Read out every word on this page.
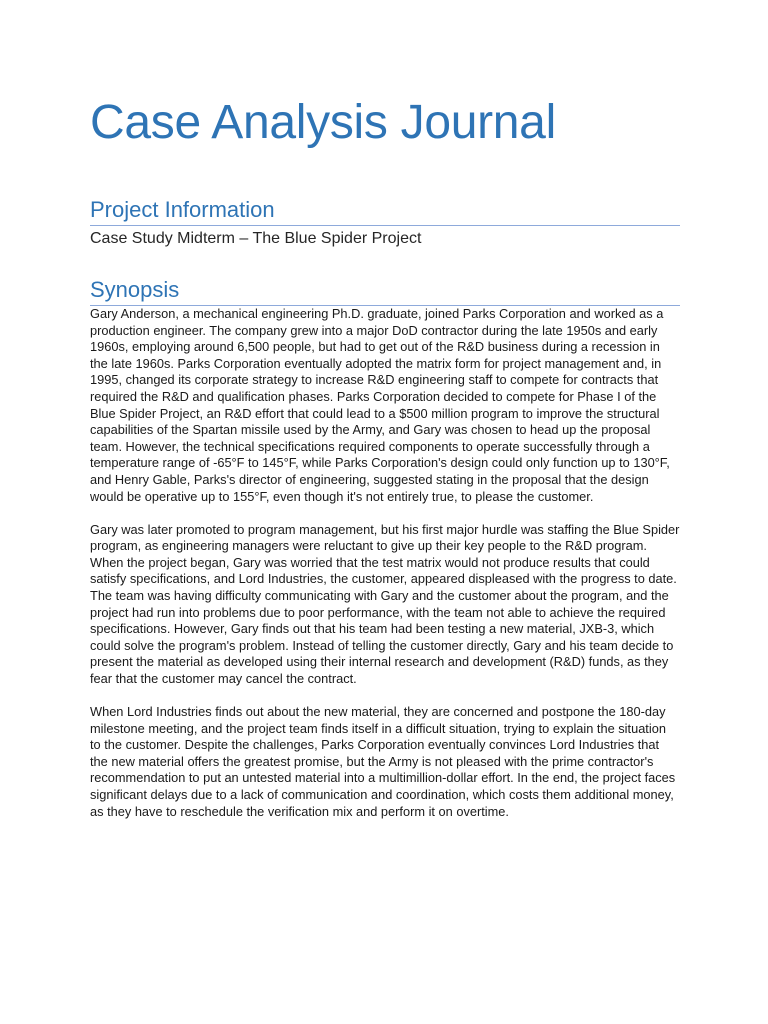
Case Analysis Journal
Project Information

Case Study Midterm – The Blue Spider Project

Synopsis

Gary Anderson, a mechanical engineering Ph.D. graduate, joined Parks Corporation and worked as a production engineer. The company grew into a major DoD contractor during the late 1950s and early 1960s, employing around 6,500 people, but had to get out of the R&D business during a recession in the late 1960s. Parks Corporation eventually adopted the matrix form for project management and, in 1995, changed its corporate strategy to increase R&D engineering staff to compete for contracts that required the R&D and qualification phases. Parks Corporation decided to compete for Phase I of the Blue Spider Project, an R&D effort that could lead to a $500 million program to improve the structural capabilities of the Spartan missile used by the Army, and Gary was chosen to head up the proposal team. However, the technical specifications required components to operate successfully through a temperature range of -65°F to 145°F, while Parks Corporation's design could only function up to 130°F, and Henry Gable, Parks's director of engineering, suggested stating in the proposal that the design would be operative up to 155°F, even though it's not entirely true, to please the customer.

Gary was later promoted to program management, but his first major hurdle was staffing the Blue Spider program, as engineering managers were reluctant to give up their key people to the R&D program. When the project began, Gary was worried that the test matrix would not produce results that could satisfy specifications, and Lord Industries, the customer, appeared displeased with the progress to date. The team was having difficulty communicating with Gary and the customer about the program, and the project had run into problems due to poor performance, with the team not able to achieve the required specifications. However, Gary finds out that his team had been testing a new material, JXB-3, which could solve the program's problem. Instead of telling the customer directly, Gary and his team decide to present the material as developed using their internal research and development (R&D) funds, as they fear that the customer may cancel the contract.

When Lord Industries finds out about the new material, they are concerned and postpone the 180-day milestone meeting, and the project team finds itself in a difficult situation, trying to explain the situation to the customer. Despite the challenges, Parks Corporation eventually convinces Lord Industries that the new material offers the greatest promise, but the Army is not pleased with the prime contractor's recommendation to put an untested material into a multimillion-dollar effort. In the end, the project faces significant delays due to a lack of communication and coordination, which costs them additional money, as they have to reschedule the verification mix and perform it on overtime.
